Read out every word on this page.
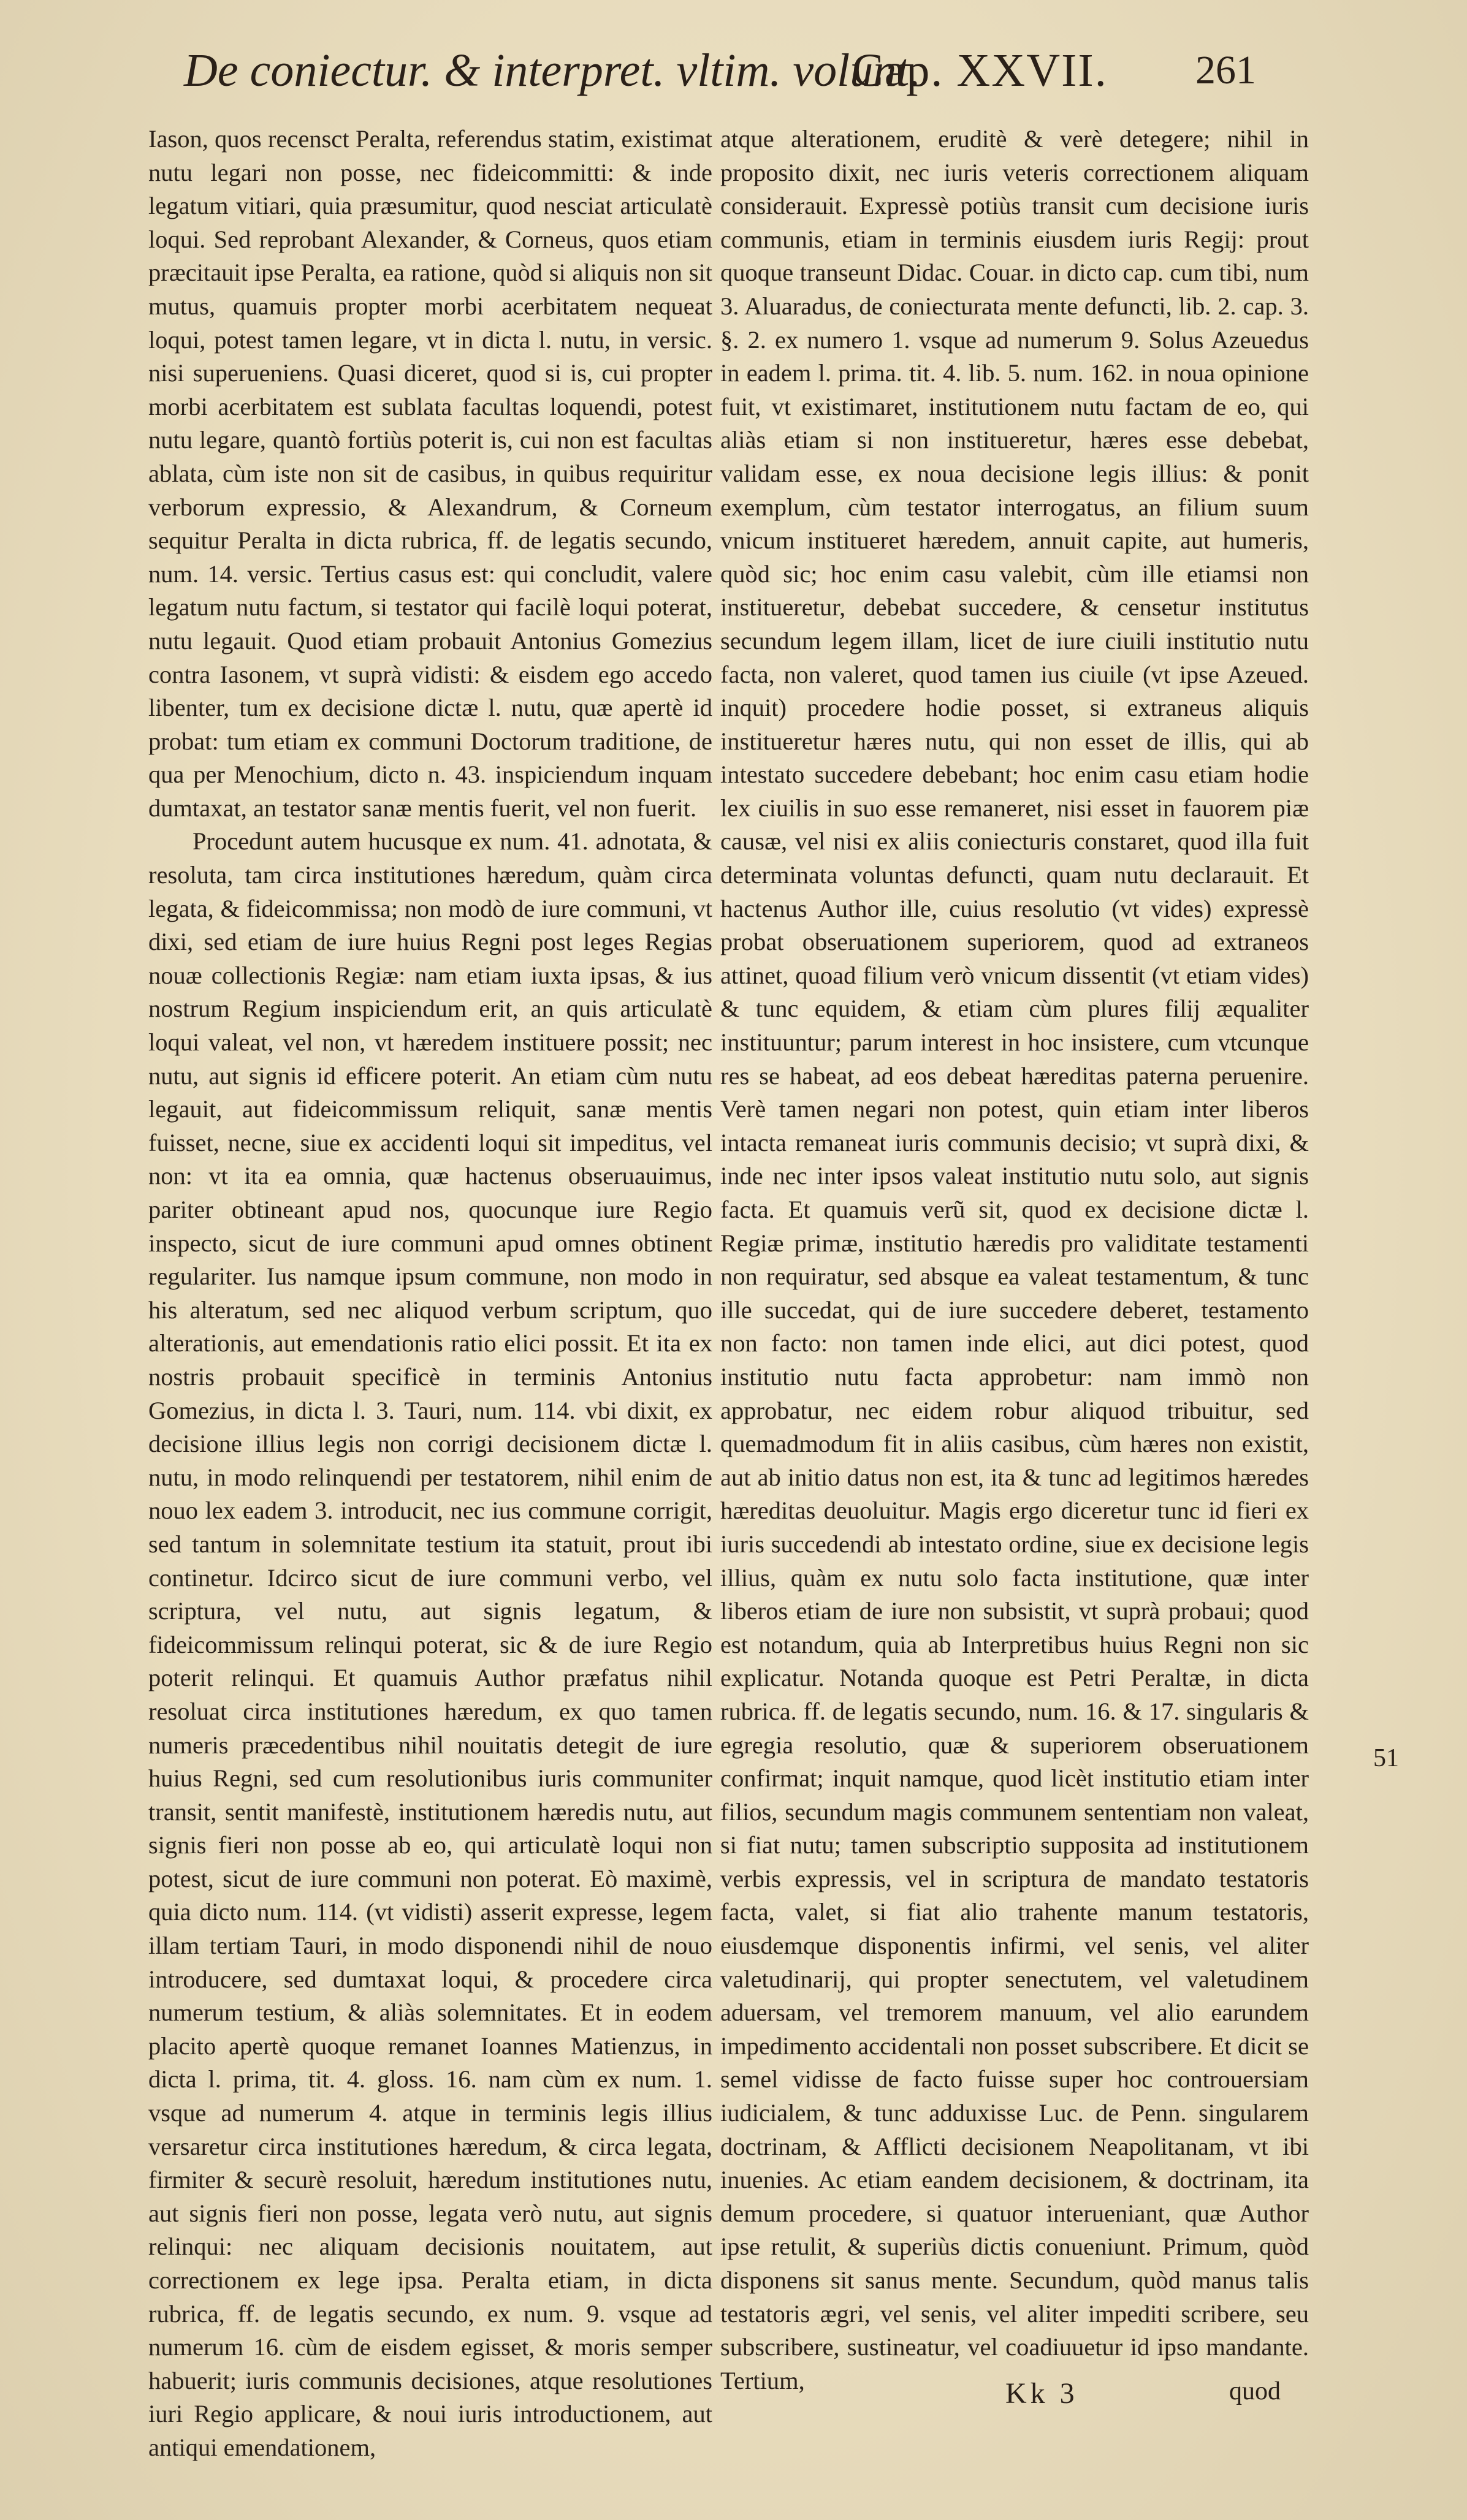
De coniectur. & interpret. vltim. volunt.
Cap. XXVII. 261

Iason, quos recensct Peralta, referendus statim, existimat nutu legari non posse, nec fideicommitti: & inde legatum vitiari, quia præsumitur, quod nesciat articulatè loqui. Sed reprobant Alexander, & Corneus, quos etiam præcitauit ipse Peralta, ea ratione, quòd si aliquis non sit mutus, quamuis propter morbi acerbitatem nequeat loqui, potest tamen legare, vt in dicta l. nutu, in versic. nisi superueniens. Quasi diceret, quod si is, cui propter morbi acerbitatem est sublata facultas loquendi, potest nutu legare, quantò fortiùs poterit is, cui non est facultas ablata, cùm iste non sit de casibus, in quibus requiritur verborum expressio, & Alexandrum, & Corneum sequitur Peralta in dicta rubrica, ff. de legatis secundo, num. 14. versic. Tertius casus est: qui concludit, valere legatum nutu factum, si testator qui facilè loqui poterat, nutu legauit. Quod etiam probauit Antonius Gomezius contra Iasonem, vt suprà vidisti: & eisdem ego accedo libenter, tum ex decisione dictæ l. nutu, quæ apertè id probat: tum etiam ex communi Doctorum traditione, de qua per Menochium, dicto n. 43. inspiciendum inquam dumtaxat, an testator sanæ mentis fuerit, vel non fuerit.

Procedunt autem hucusque ex num. 41. adnotata, & resoluta, tam circa institutiones hæredum, quàm circa legata, & fideicommissa; non modò de iure communi, vt dixi, sed etiam de iure huius Regni post leges Regias nouæ collectionis Regiæ: nam etiam iuxta ipsas, & ius nostrum Regium inspiciendum erit, an quis articulatè loqui valeat, vel non, vt hæredem instituere possit; nec nutu, aut signis id efficere poterit. An etiam cùm nutu legauit, aut fideicommissum reliquit, sanæ mentis fuisset, necne, siue ex accidenti loqui sit impeditus, vel non: vt ita ea omnia, quæ hactenus obseruauimus, pariter obtineant apud nos, quocunque iure Regio inspecto, sicut de iure communi apud omnes obtinent regulariter. Ius namque ipsum commune, non modo in his alteratum, sed nec aliquod verbum scriptum, quo alterationis, aut emendationis ratio elici possit. Et ita ex nostris probauit specificè in terminis Antonius Gomezius, in dicta l. 3. Tauri, num. 114. vbi dixit, ex decisione illius legis non corrigi decisionem dictæ l. nutu, in modo relinquendi per testatorem, nihil enim de nouo lex eadem 3. introducit, nec ius commune corrigit, sed tantum in solemnitate testium ita statuit, prout ibi continetur. Idcirco sicut de iure communi verbo, vel scriptura, vel nutu, aut signis legatum, & fideicommissum relinqui poterat, sic & de iure Regio poterit relinqui. Et quamuis Author præfatus nihil resoluat circa institutiones hæredum, ex quo tamen numeris præcedentibus nihil nouitatis detegit de iure huius Regni, sed cum resolutionibus iuris communiter transit, sentit manifestè, institutionem hæredis nutu, aut signis fieri non posse ab eo, qui articulatè loqui non potest, sicut de iure communi non poterat. Eò maximè, quia dicto num. 114. (vt vidisti) asserit expresse, legem illam tertiam Tauri, in modo disponendi nihil de nouo introducere, sed dumtaxat loqui, & procedere circa numerum testium, & aliàs solemnitates. Et in eodem placito apertè quoque remanet Ioannes Matienzus, in dicta l. prima, tit. 4. gloss. 16. nam cùm ex num. 1. vsque ad numerum 4. atque in terminis legis illius versaretur circa institutiones hæredum, & circa legata, firmiter & securè resoluit, hæredum institutiones nutu, aut signis fieri non posse, legata verò nutu, aut signis relinqui: nec aliquam decisionis nouitatem, aut correctionem ex lege ipsa. Peralta etiam, in dicta rubrica, ff. de legatis secundo, ex num. 9. vsque ad numerum 16. cùm de eisdem egisset, & moris semper habuerit; iuris communis decisiones, atque resolutiones iuri Regio applicare, & noui iuris introductionem, aut antiqui emendationem,

atque alterationem, eruditè & verè detegere; nihil in proposito dixit, nec iuris veteris correctionem aliquam considerauit. Expressè potiùs transit cum decisione iuris communis, etiam in terminis eiusdem iuris Regij: prout quoque transeunt Didac. Couar. in dicto cap. cum tibi, num 3. Aluaradus, de coniecturata mente defuncti, lib. 2. cap. 3. §. 2. ex numero 1. vsque ad numerum 9. Solus Azeuedus in eadem l. prima. tit. 4. lib. 5. num. 162. in noua opinione fuit, vt existimaret, institutionem nutu factam de eo, qui aliàs etiam si non institueretur, hæres esse debebat, validam esse, ex noua decisione legis illius: & ponit exemplum, cùm testator interrogatus, an filium suum vnicum institueret hæredem, annuit capite, aut humeris, quòd sic; hoc enim casu valebit, cùm ille etiamsi non institueretur, debebat succedere, & censetur institutus secundum legem illam, licet de iure ciuili institutio nutu facta, non valeret, quod tamen ius ciuile (vt ipse Azeued. inquit) procedere hodie posset, si extraneus aliquis institueretur hæres nutu, qui non esset de illis, qui ab intestato succedere debebant; hoc enim casu etiam hodie lex ciuilis in suo esse remaneret, nisi esset in fauorem piæ causæ, vel nisi ex aliis coniecturis constaret, quod illa fuit determinata voluntas defuncti, quam nutu declarauit. Et hactenus Author ille, cuius resolutio (vt vides) expressè probat obseruationem superiorem, quod ad extraneos attinet, quoad filium verò vnicum dissentit (vt etiam vides) & tunc equidem, & etiam cùm plures filij æqualiter instituuntur; parum interest in hoc insistere, cum vtcunque res se habeat, ad eos debeat hæreditas paterna peruenire. Verè tamen negari non potest, quin etiam inter liberos intacta remaneat iuris communis decisio; vt suprà dixi, & inde nec inter ipsos valeat institutio nutu solo, aut signis facta. Et quamuis verũ sit, quod ex decisione dictæ l. Regiæ primæ, institutio hæredis pro validitate testamenti non requiratur, sed absque ea valeat testamentum, & tunc ille succedat, qui de iure succedere deberet, testamento non facto: non tamen inde elici, aut dici potest, quod institutio nutu facta approbetur: nam immò non approbatur, nec eidem robur aliquod tribuitur, sed quemadmodum fit in aliis casibus, cùm hæres non existit, aut ab initio datus non est, ita & tunc ad legitimos hæredes hæreditas deuoluitur. Magis ergo diceretur tunc id fieri ex iuris succedendi ab intestato ordine, siue ex decisione legis illius, quàm ex nutu solo facta institutione, quæ inter liberos etiam de iure non subsistit, vt suprà probaui; quod est notandum, quia ab Interpretibus huius Regni non sic explicatur. Notanda quoque est Petri Peraltæ, in dicta rubrica. ff. de legatis secundo, num. 16. & 17. singularis & egregia resolutio, quæ & superiorem obseruationem confirmat; inquit namque, quod licèt institutio etiam inter filios, secundum magis communem sententiam non valeat, si fiat nutu; tamen subscriptio supposita ad institutionem verbis expressis, vel in scriptura de mandato testatoris facta, valet, si fiat alio trahente manum testatoris, eiusdemque disponentis infirmi, vel senis, vel aliter valetudinarij, qui propter senectutem, vel valetudinem aduersam, vel tremorem manuum, vel alio earundem impedimento accidentali non posset subscribere. Et dicit se semel vidisse de facto fuisse super hoc controuersiam iudicialem, & tunc adduxisse Luc. de Penn. singularem doctrinam, & Afflicti decisionem Neapolitanam, vt ibi inuenies. Ac etiam eandem decisionem, & doctrinam, ita demum procedere, si quatuor interueniant, quæ Author ipse retulit, & superiùs dictis conueniunt. Primum, quòd disponens sit sanus mente. Secundum, quòd manus talis testatoris ægri, vel senis, vel aliter impediti scribere, seu subscribere, sustineatur, vel coadiuuetur id ipso mandante. Tertium,

51
Kk 3	quod
